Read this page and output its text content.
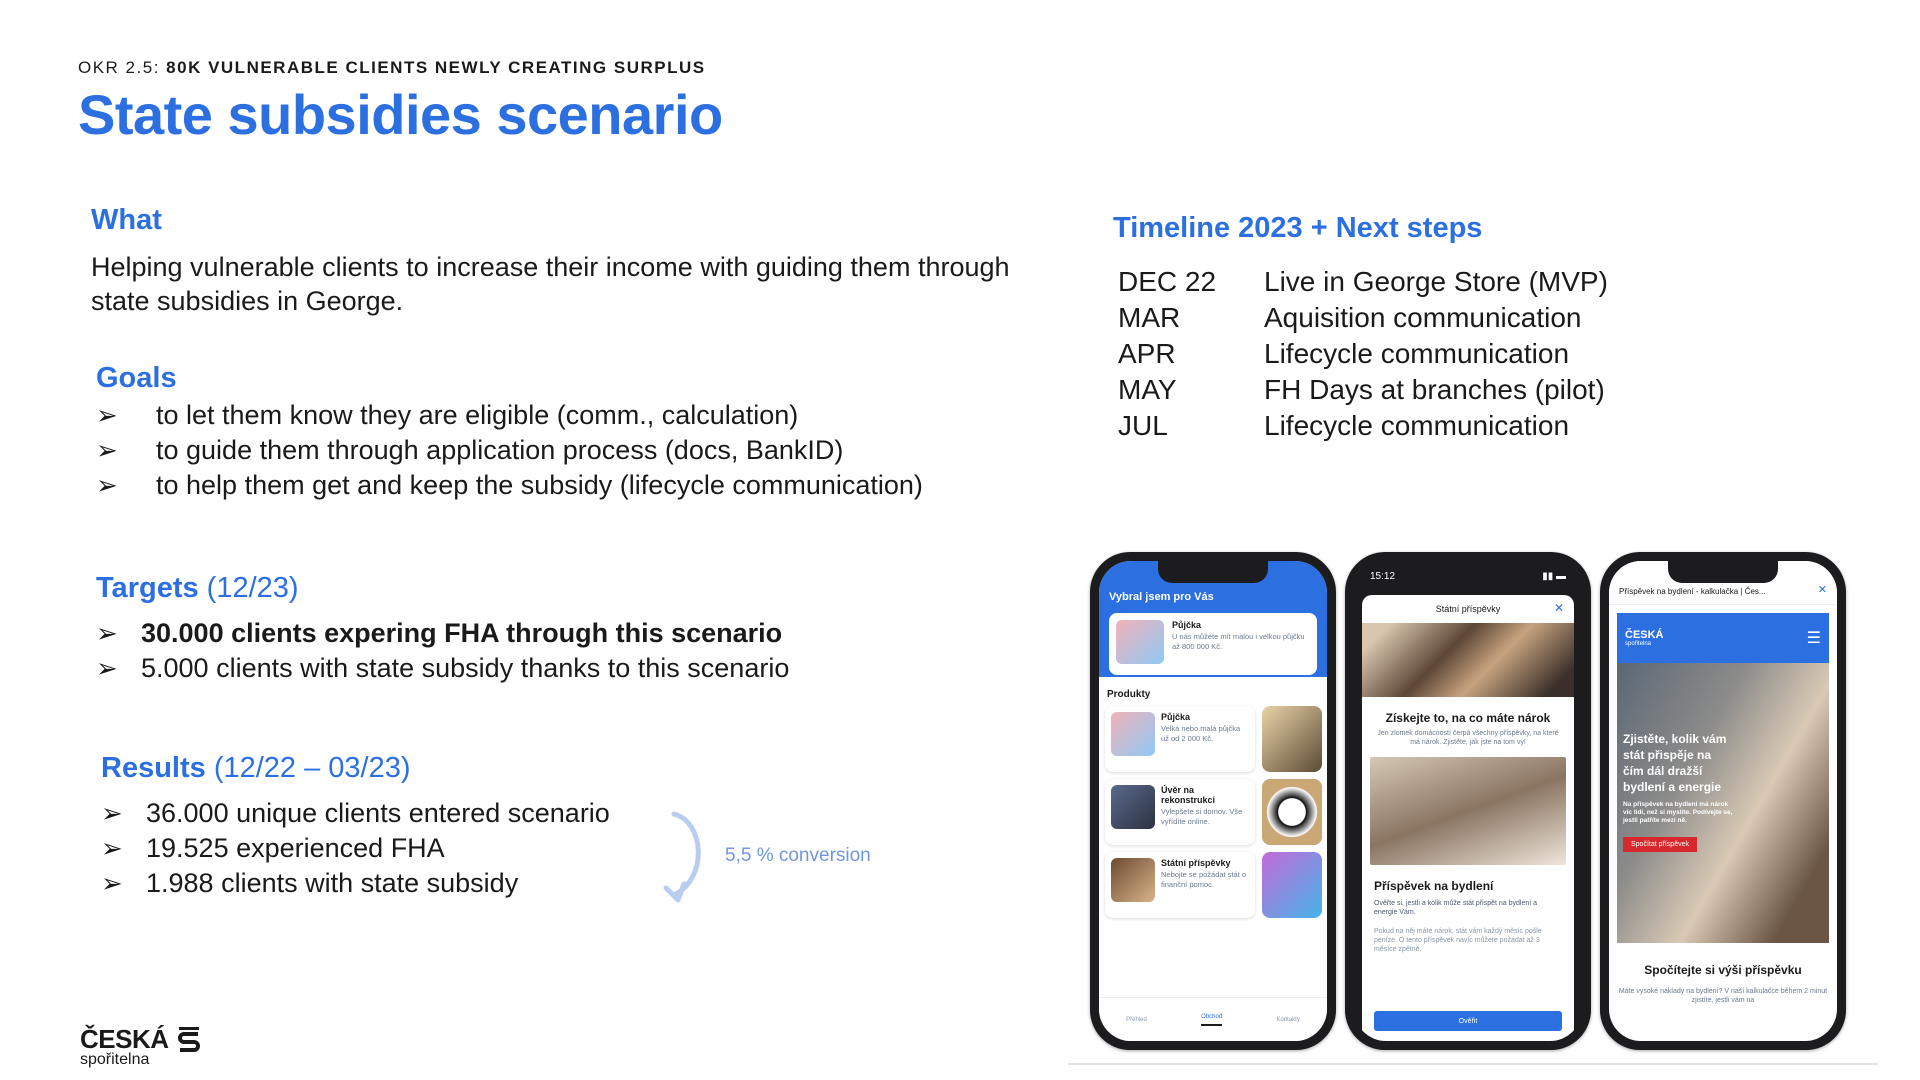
OKR 2.5: 80K VULNERABLE CLIENTS NEWLY CREATING SURPLUS
State subsidies scenario
What
Helping vulnerable clients to increase their income with guiding them through
state subsidies in George.
Goals
➢	to let them know they are eligible (comm., calculation)
➢	to guide them through application process (docs, BankID)
➢	to help them get and keep the subsidy (lifecycle communication)
Targets (12/23)
➢ 30.000 clients expering FHA through this scenario
➢ 5.000 clients with state subsidy thanks to this scenario
Results (12/22 – 03/23)
➢ 36.000 unique clients entered scenario
➢ 19.525 experienced FHA
➢ 1.988 clients with state subsidy
5,5 % conversion
Timeline 2023 + Next steps
DEC 22	Live in George Store (MVP)
MAR	Aquisition communication
APR	Lifecycle communication
MAY	FH Days at branches (pilot)
JUL	Lifecycle communication
Vybral jsem pro Vás
Půjčka
U nás můžete mít malou i velkou půjčku až 800 000 Kč.
Produkty
Půjčka
Velká nebo malá půjčka už od 2 000 Kč.
Úvěr na rekonstrukci
Vylepšete si domov. Vše vyřídíte online.
Státní příspěvky
Nebojte se požádat stát o finanční pomoc.
Přehled	Obchod	Kontakty
15:12	▮▮ ▬
Státní příspěvky	✕
Získejte to, na co máte nárok
Jen zlomek domácností čerpá všechny příspěvky, na které má nárok. Zjistěte, jak jste na tom vy!
Příspěvek na bydlení
Ověřte si, jestli a kolik může stát přispět na bydlení a energie Vám.
Pokud na něj máte nárok, stát vám každý měsíc pošle peníze. O tento příspěvek navíc můžete požádat až 3 měsíce zpětně.
Ověřit
Příspěvek na bydlení - kalkulačka | Čes...	✕
ČESKÁ
spořitelna	☰
Zjistěte, kolik vám stát přispěje na čím dál dražší bydlení a energie
Na příspěvek na bydlení má nárok víc lidí, než si myslíte. Podívejte se, jestli patříte mezi ně.
Spočítat příspěvek
Spočítejte si výši příspěvku
Máte vysoké náklady na bydlení? V naší kalkulačce během 2 minut zjistíte, jestli vám na
ČESKÁ
spořitelna
